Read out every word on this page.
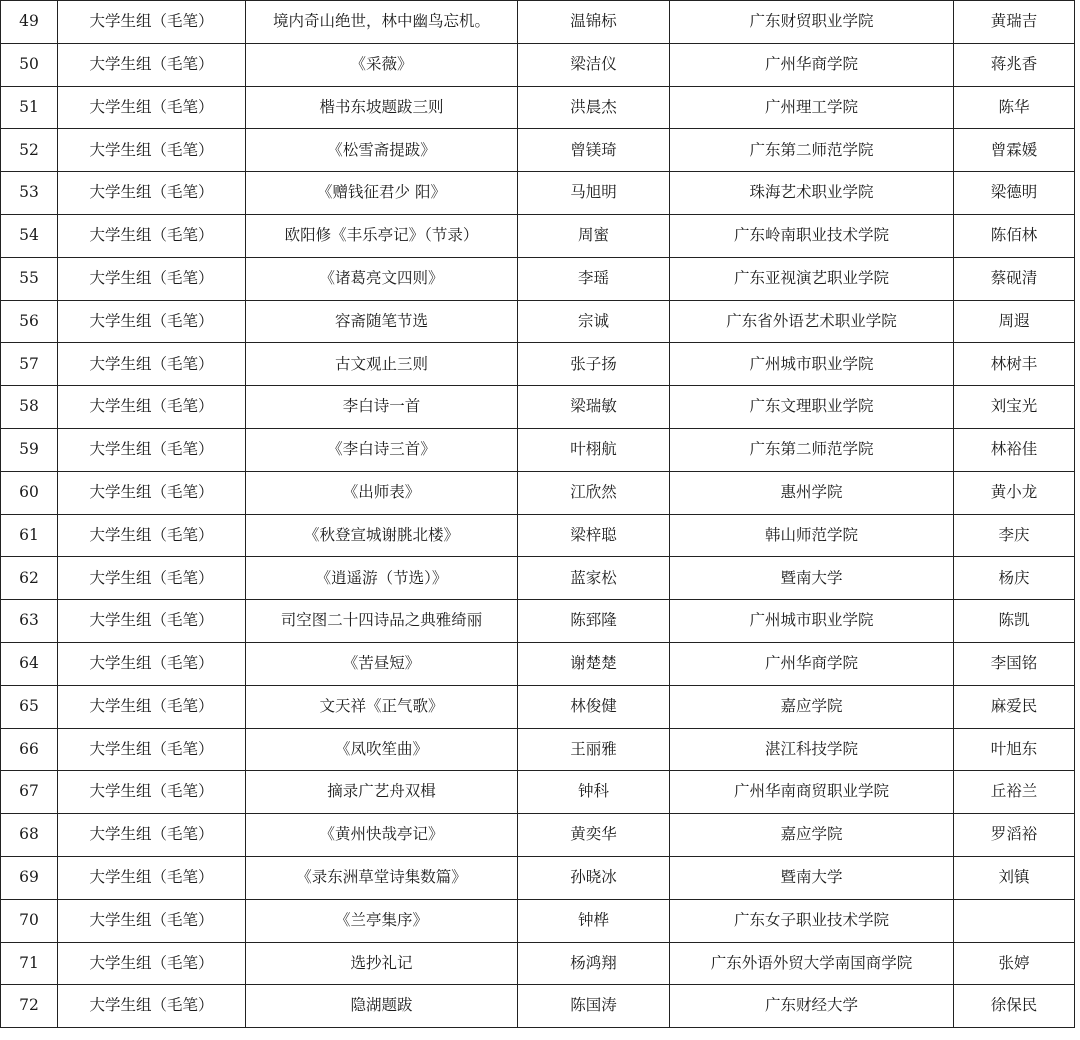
49	大学生组（毛笔）	境内奇山绝世，林中幽鸟忘机。	温锦标	广东财贸职业学院	黄瑞吉
50	大学生组（毛笔）	《采薇》	梁洁仪	广州华商学院	蒋兆香
51	大学生组（毛笔）	楷书东坡题跋三则	洪晨杰	广州理工学院	陈华
52	大学生组（毛笔）	《松雪斋提跋》	曾镁琦	广东第二师范学院	曾霖媛
53	大学生组（毛笔）	《赠钱征君少 阳》	马旭明	珠海艺术职业学院	梁德明
54	大学生组（毛笔）	欧阳修《丰乐亭记》（节录）	周蜜	广东岭南职业技术学院	陈佰林
55	大学生组（毛笔）	《诸葛亮文四则》	李瑶	广东亚视演艺职业学院	蔡砚清
56	大学生组（毛笔）	容斋随笔节选	宗诚	广东省外语艺术职业学院	周遐
57	大学生组（毛笔）	古文观止三则	张子扬	广州城市职业学院	林树丰
58	大学生组（毛笔）	李白诗一首	梁瑞敏	广东文理职业学院	刘宝光
59	大学生组（毛笔）	《李白诗三首》	叶栩航	广东第二师范学院	林裕佳
60	大学生组（毛笔）	《出师表》	江欣然	惠州学院	黄小龙
61	大学生组（毛笔）	《秋登宣城谢朓北楼》	梁梓聪	韩山师范学院	李庆
62	大学生组（毛笔）	《逍遥游（节选）》	蓝家松	暨南大学	杨庆
63	大学生组（毛笔）	司空图二十四诗品之典雅绮丽	陈郅隆	广州城市职业学院	陈凯
64	大学生组（毛笔）	《苦昼短》	谢楚楚	广州华商学院	李国铭
65	大学生组（毛笔）	文天祥《正气歌》	林俊健	嘉应学院	麻爱民
66	大学生组（毛笔）	《凤吹笙曲》	王丽雅	湛江科技学院	叶旭东
67	大学生组（毛笔）	摘录广艺舟双楫	钟科	广州华南商贸职业学院	丘裕兰
68	大学生组（毛笔）	《黄州快哉亭记》	黄奕华	嘉应学院	罗滔裕
69	大学生组（毛笔）	《录东洲草堂诗集数篇》	孙晓冰	暨南大学	刘镇
70	大学生组（毛笔）	《兰亭集序》	钟桦	广东女子职业技术学院	
71	大学生组（毛笔）	选抄礼记	杨鸿翔	广东外语外贸大学南国商学院	张婷
72	大学生组（毛笔）	隐湖题跋	陈国涛	广东财经大学	徐保民
